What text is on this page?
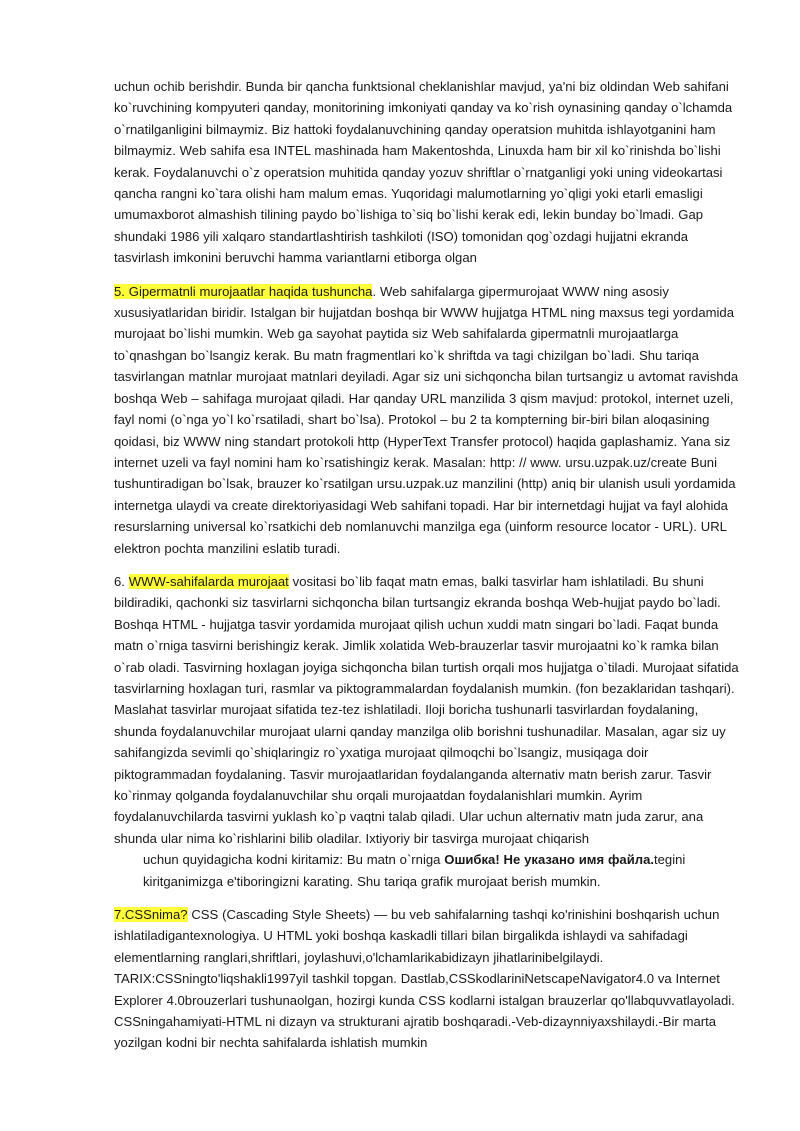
uchun ochib berishdir. Bunda bir qancha funktsional cheklanishlar mavjud, ya'ni biz oldindan Web sahifani ko`ruvchining kompyuteri qanday, monitorining imkoniyati qanday va ko`rish oynasining qanday o`lchamda o`rnatilganligini bilmaymiz. Biz hattoki foydalanuvchining qanday operatsion muhitda ishlayotganini ham bilmaymiz. Web sahifa esa INTEL mashinada ham Makentoshda, Linuxda ham bir xil ko`rinishda bo`lishi kerak. Foydalanuvchi o`z operatsion muhitida qanday yozuv shriftlar o`rnatganligi yoki uning videokartasi qancha rangni ko`tara olishi ham malum emas. Yuqoridagi malumotlarning yo`qligi yoki etarli emasligi umumaxborot almashish tilining paydo bo`lishiga to`siq bo`lishi kerak edi, lekin bunday bo`lmadi. Gap shundaki 1986 yili xalqaro standartlashtirish tashkiloti (ISO) tomonidan qog`ozdagi hujjatni ekranda tasvirlash imkonini beruvchi hamma variantlarni etiborga olgan

5. Gipermatnli murojaatlar haqida tushuncha. Web sahifalarga gipermurojaat WWW ning asosiy xususiyatlaridan biridir. Istalgan bir hujjatdan boshqa bir WWW hujjatga HTML ning maxsus tegi yordamida murojaat bo`lishi mumkin. Web ga sayohat paytida siz Web sahifalarda gipermatnli murojaatlarga to`qnashgan bo`lsangiz kerak. Bu matn fragmentlari ko`k shriftda va tagi chizilgan bo`ladi. Shu tariqa tasvirlangan matnlar murojaat matnlari deyiladi. Agar siz uni sichqoncha bilan turtsangiz u avtomat ravishda boshqa Web – sahifaga murojaat qiladi. Har qanday URL manzilida 3 qism mavjud: protokol, internet uzeli, fayl nomi (o`nga yo`l ko`rsatiladi, shart bo`lsa). Protokol – bu 2 ta kompterning bir-biri bilan aloqasining qoidasi, biz WWW ning standart protokoli http (HyperText Transfer protocol) haqida gaplashamiz. Yana siz internet uzeli va fayl nomini ham ko`rsatishingiz kerak. Masalan: http: // www. ursu.uzpak.uz/create Buni tushuntiradigan bo`lsak, brauzer ko`rsatilgan ursu.uzpak.uz manzilini (http) aniq bir ulanish usuli yordamida internetga ulaydi va create direktoriyasidagi Web sahifani topadi. Har bir internetdagi hujjat va fayl alohida resurslarning universal ko`rsatkichi deb nomlanuvchi manzilga ega (uinform resource locator - URL). URL elektron pochta manzilini eslatib turadi.

6. WWW-sahifalarda murojaat vositasi bo`lib faqat matn emas, balki tasvirlar ham ishlatiladi. Bu shuni bildiradiki, qachonki siz tasvirlarni sichqoncha bilan turtsangiz ekranda boshqa Web-hujjat paydo bo`ladi. Boshqa HTML - hujjatga tasvir yordamida murojaat qilish uchun xuddi matn singari bo`ladi. Faqat bunda matn o`rniga tasvirni berishingiz kerak. Jimlik xolatida Web-brauzerlar tasvir murojaatni ko`k ramka bilan o`rab oladi. Tasvirning hoxlagan joyiga sichqoncha bilan turtish orqali mos hujjatga o`tiladi. Murojaat sifatida tasvirlarning hoxlagan turi, rasmlar va piktogrammalardan foydalanish mumkin. (fon bezaklaridan tashqari). Maslahat tasvirlar murojaat sifatida tez-tez ishlatiladi. Iloji boricha tushunarli tasvirlardan foydalaning, shunda foydalanuvchilar murojaat ularni qanday manzilga olib borishni tushunadilar. Masalan, agar siz uy sahifangizda sevimli qo`shiqlaringiz ro`yxatiga murojaat qilmoqchi bo`lsangiz, musiqaga doir piktogrammadan foydalaning. Tasvir murojaatlaridan foydalanganda alternativ matn berish zarur. Tasvir ko`rinmay qolganda foydalanuvchilar shu orqali murojaatdan foydalanishlari mumkin. Ayrim foydalanuvchilarda tasvirni yuklash ko`p vaqtni talab qiladi. Ular uchun alternativ matn juda zarur, ana shunda ular nima ko`rishlarini bilib oladilar. Ixtiyoriy bir tasvirga murojaat chiqarish
uchun quyidagicha kodni kiritamiz: Bu matn o`rniga Ошибка! Не указано имя файла.tegini kiritganimizga e'tiboringizni karating. Shu tariqa grafik murojaat berish mumkin.

7.CSSnima? CSS (Cascading Style Sheets) — bu veb sahifalarning tashqi ko'rinishini boshqarish uchun ishlatiladigantexnologiya. U HTML yoki boshqa kaskadli tillari bilan birgalikda ishlaydi va sahifadagi elementlarning ranglari,shriftlari, joylashuvi,o'lchamlarikabidizayn jihatlarinibelgilaydi. TARIX:CSSningto'liqshakli1997yil tashkil topgan. Dastlab,CSSkodlariniNetscapeNavigator4.0 va Internet Explorer 4.0brouzerlari tushunaolgan, hozirgi kunda CSS kodlarni istalgan brauzerlar qo'llabquvvatlayoladi. CSSningahamiyati-HTML ni dizayn va strukturani ajratib boshqaradi.-Veb-dizaynniyaxshilaydi.-Bir marta yozilgan kodni bir nechta sahifalarda ishlatish mumkin
